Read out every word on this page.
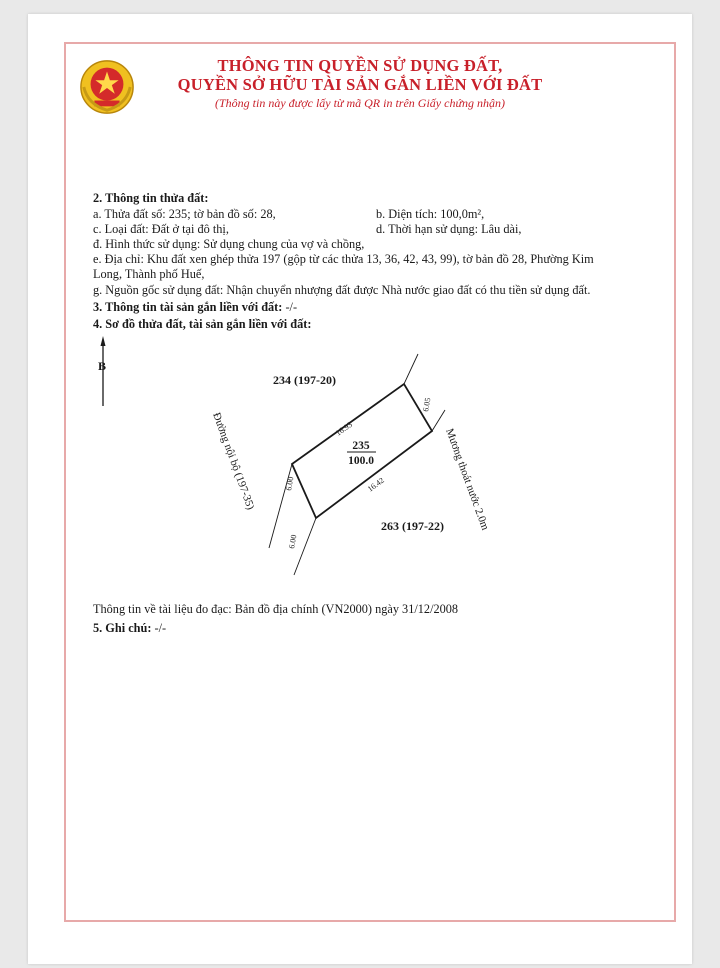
THÔNG TIN QUYỀN SỬ DỤNG ĐẤT,
QUYỀN SỞ HỮU TÀI SẢN GẮN LIỀN VỚI ĐẤT
(Thông tin này được lấy từ mã QR in trên Giấy chứng nhận)
2. Thông tin thửa đất:
a. Thửa đất số: 235; tờ bản đồ số: 28,	b. Diện tích: 100,0m²,
c. Loại đất: Đất ở tại đô thị,	d. Thời hạn sử dụng: Lâu dài,
đ. Hình thức sử dụng: Sử dụng chung của vợ và chồng,
e. Địa chỉ: Khu đất xen ghép thửa 197 (gộp từ các thửa 13, 36, 42, 43, 99), tờ bản đồ 28, Phường Kim
Long, Thành phố Huế,
g. Nguồn gốc sử dụng đất: Nhận chuyển nhượng đất được Nhà nước giao đất có thu tiền sử dụng đất.
3. Thông tin tài sản gắn liền với đất: -/-
4. Sơ đồ thửa đất, tài sản gắn liền với đất:
B
235
100.0
234 (197-20)
263 (197-22)
Đường nội bộ (197-35)	Mương thoát nước 2.0m
16.93
16.42
6.00
6.05
6.00
Thông tin về tài liệu đo đạc: Bản đồ địa chính (VN2000) ngày 31/12/2008
5. Ghi chú: -/-
